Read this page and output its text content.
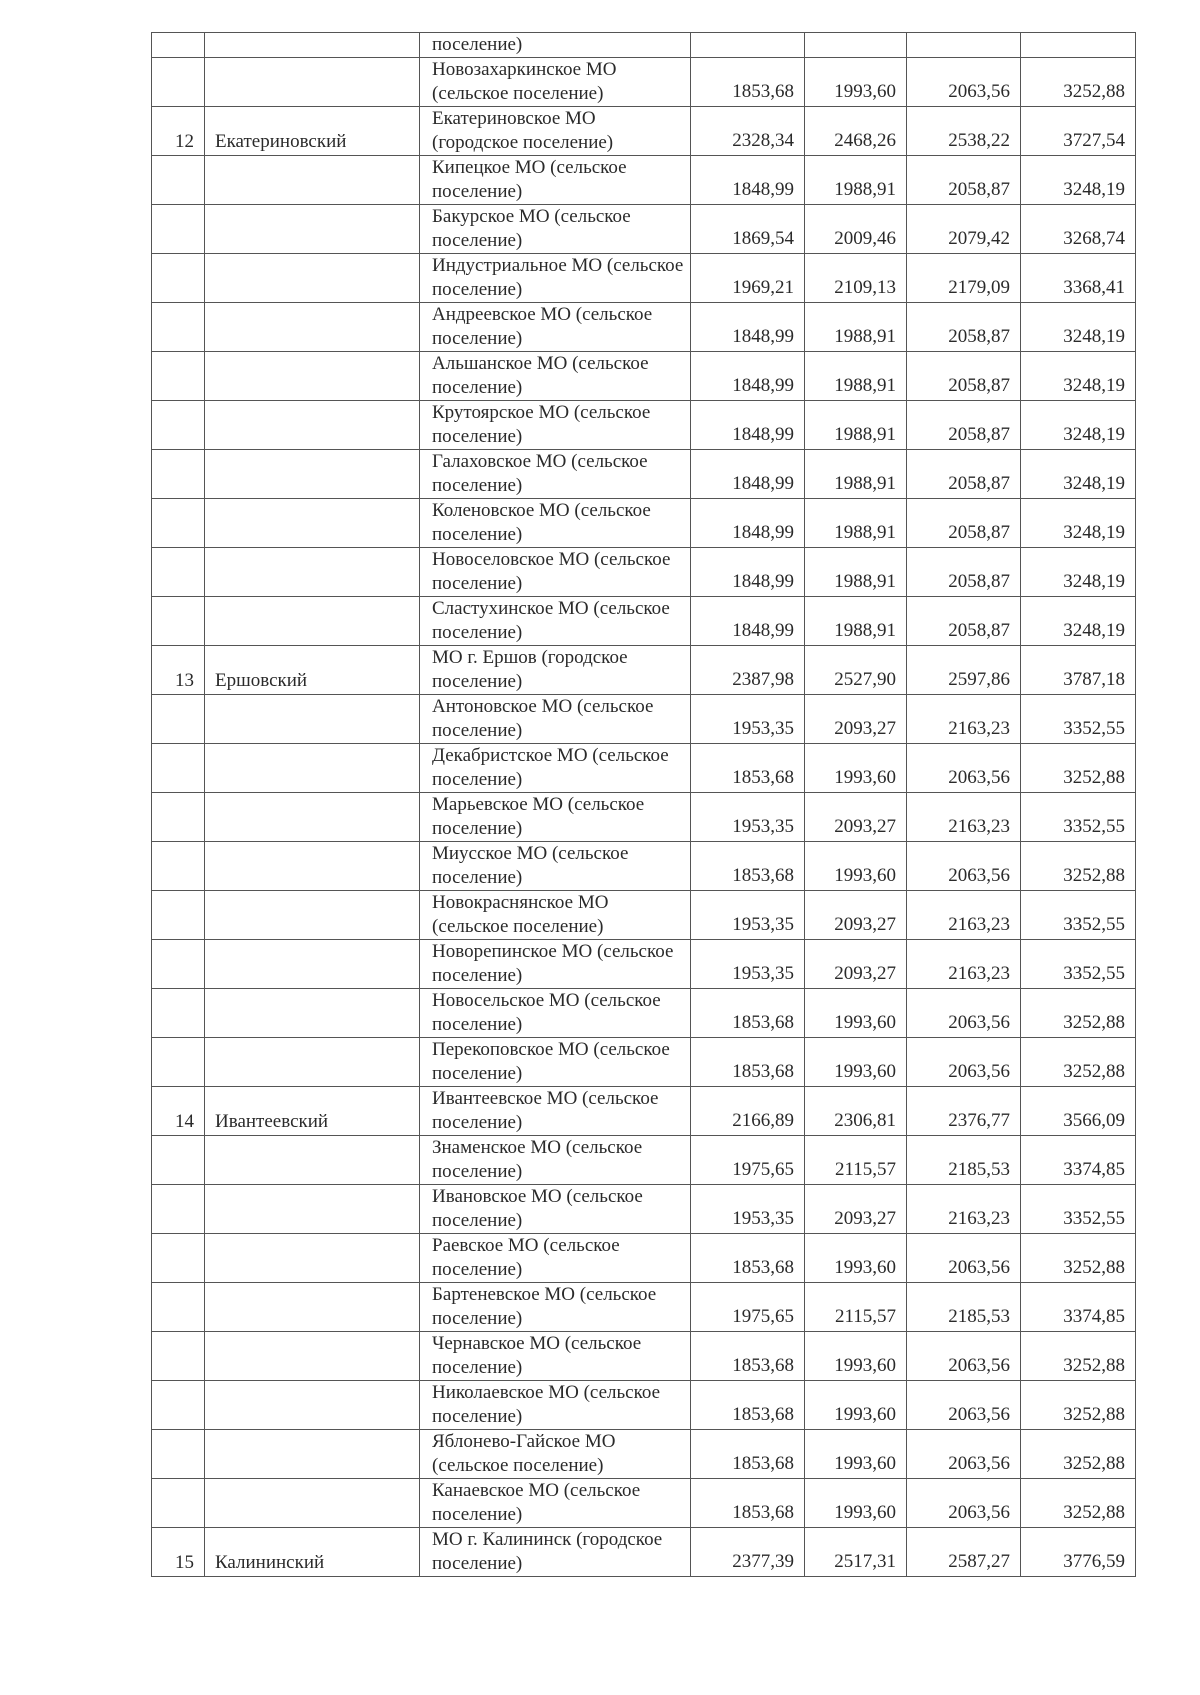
		поселение)				

		Новозахаркинское МО (сельское поселение)	1853,68	1993,60	2063,56	3252,88
12	Екатериновский	Екатериновское МО (городское поселение)	2328,34	2468,26	2538,22	3727,54

		Кипецкое МО (сельское поселение)	1848,99	1988,91	2058,87	3248,19

		Бакурское МО (сельское поселение)	1869,54	2009,46	2079,42	3268,74

		Индустриальное МО (сельское поселение)	1969,21	2109,13	2179,09	3368,41

		Андреевское МО (сельское поселение)	1848,99	1988,91	2058,87	3248,19

		Альшанское МО (сельское поселение)	1848,99	1988,91	2058,87	3248,19

		Крутоярское МО (сельское поселение)	1848,99	1988,91	2058,87	3248,19

		Галаховское МО (сельское поселение)	1848,99	1988,91	2058,87	3248,19

		Коленовское МО (сельское поселение)	1848,99	1988,91	2058,87	3248,19

		Новоселовское МО (сельское поселение)	1848,99	1988,91	2058,87	3248,19

		Сластухинское МО (сельское поселение)	1848,99	1988,91	2058,87	3248,19
13	Ершовский	МО г. Ершов (городское поселение)	2387,98	2527,90	2597,86	3787,18

		Антоновское МО (сельское поселение)	1953,35	2093,27	2163,23	3352,55

		Декабристское МО (сельское поселение)	1853,68	1993,60	2063,56	3252,88

		Марьевское МО (сельское поселение)	1953,35	2093,27	2163,23	3352,55

		Миусское МО (сельское поселение)	1853,68	1993,60	2063,56	3252,88

		Новокраснянское МО (сельское поселение)	1953,35	2093,27	2163,23	3352,55

		Новорепинское МО (сельское поселение)	1953,35	2093,27	2163,23	3352,55

		Новосельское МО (сельское поселение)	1853,68	1993,60	2063,56	3252,88

		Перекоповское МО (сельское поселение)	1853,68	1993,60	2063,56	3252,88
14	Ивантеевский	Ивантеевское МО (сельское поселение)	2166,89	2306,81	2376,77	3566,09

		Знаменское МО (сельское поселение)	1975,65	2115,57	2185,53	3374,85

		Ивановское МО (сельское поселение)	1953,35	2093,27	2163,23	3352,55

		Раевское МО (сельское поселение)	1853,68	1993,60	2063,56	3252,88

		Бартеневское МО (сельское поселение)	1975,65	2115,57	2185,53	3374,85

		Чернавское МО (сельское поселение)	1853,68	1993,60	2063,56	3252,88

		Николаевское МО (сельское поселение)	1853,68	1993,60	2063,56	3252,88

		Яблонево-Гайское МО (сельское поселение)	1853,68	1993,60	2063,56	3252,88

		Канаевское МО (сельское поселение)	1853,68	1993,60	2063,56	3252,88
15	Калининский	МО г. Калининск (городское поселение)	2377,39	2517,31	2587,27	3776,59
